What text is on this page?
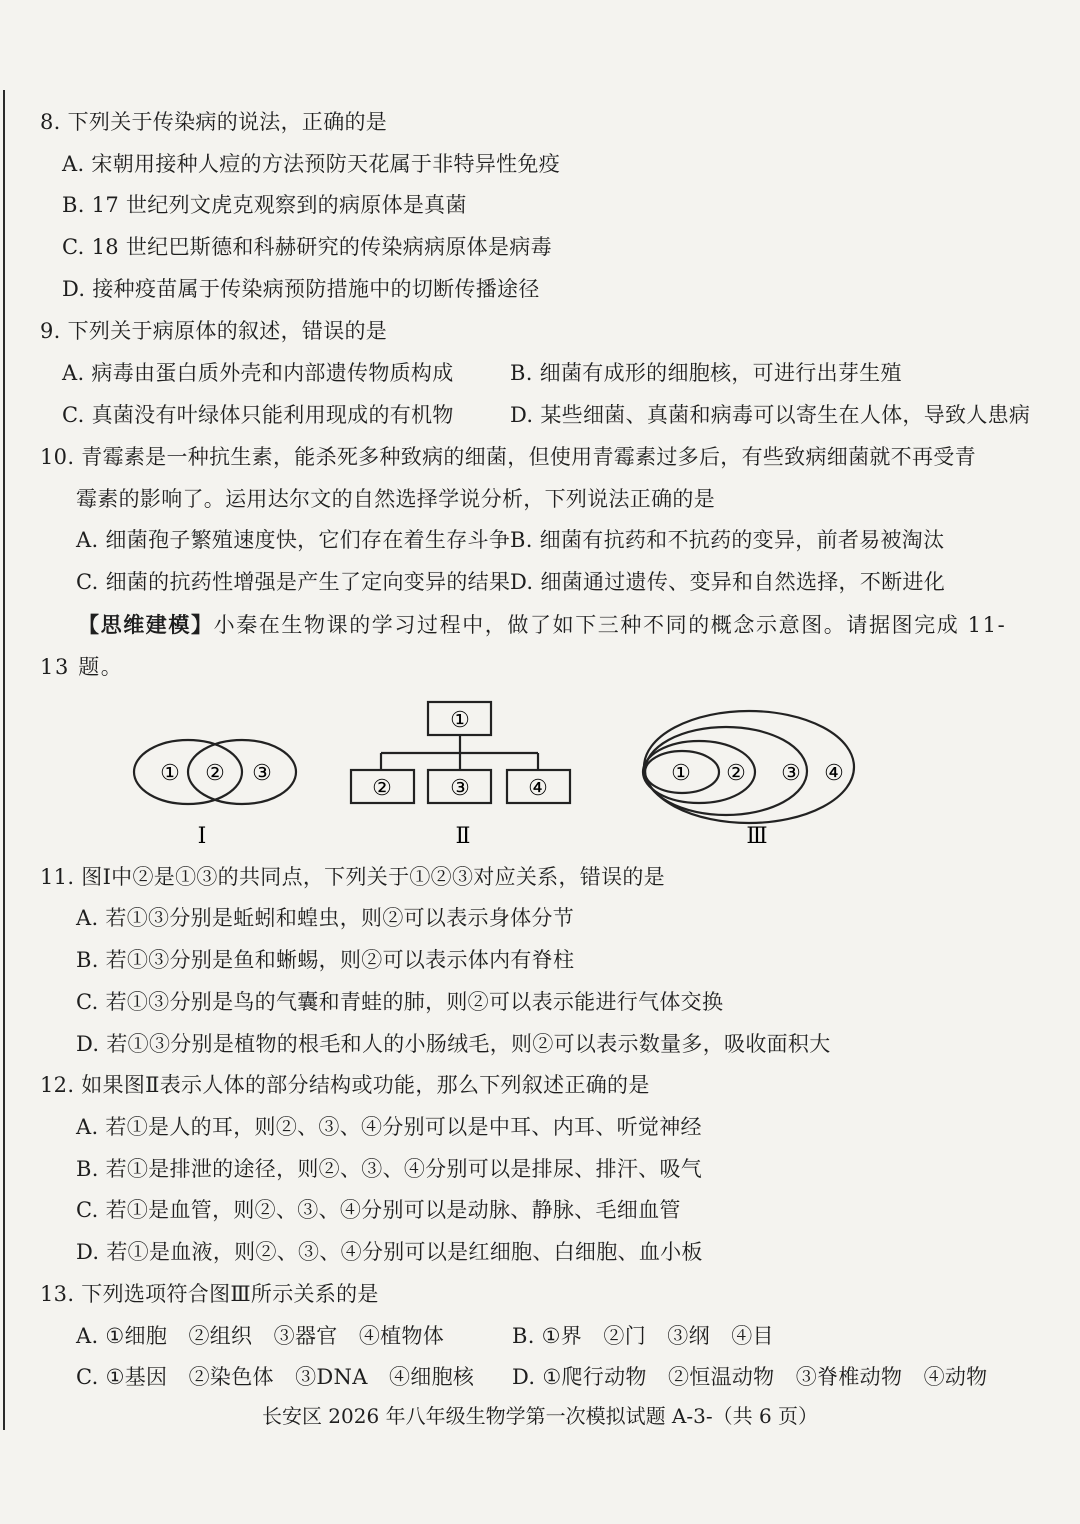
8. 下列关于传染病的说法，正确的是
A. 宋朝用接种人痘的方法预防天花属于非特异性免疫
B. 17 世纪列文虎克观察到的病原体是真菌
C. 18 世纪巴斯德和科赫研究的传染病病原体是病毒
D. 接种疫苗属于传染病预防措施中的切断传播途径
9. 下列关于病原体的叙述，错误的是
A. 病毒由蛋白质外壳和内部遗传物质构成	B. 细菌有成形的细胞核，可进行出芽生殖
C. 真菌没有叶绿体只能利用现成的有机物	D. 某些细菌、真菌和病毒可以寄生在人体，导致人患病
10. 青霉素是一种抗生素，能杀死多种致病的细菌，但使用青霉素过多后，有些致病细菌就不再受青
霉素的影响了。运用达尔文的自然选择学说分析，下列说法正确的是
A. 细菌孢子繁殖速度快，它们存在着生存斗争 B. 细菌有抗药和不抗药的变异，前者易被淘汰
C. 细菌的抗药性增强是产生了定向变异的结果 D. 细菌通过遗传、变异和自然选择，不断进化
【思维建模】小秦在生物课的学习过程中，做了如下三种不同的概念示意图。请据图完成 11-
13 题。
① ② ③
Ⅰ
①
②	③	④
Ⅱ
① ② ③ ④
Ⅲ
11. 图Ⅰ中②是①③的共同点，下列关于①②③对应关系，错误的是
A. 若①③分别是蚯蚓和蝗虫，则②可以表示身体分节
B. 若①③分别是鱼和蜥蜴，则②可以表示体内有脊柱
C. 若①③分别是鸟的气囊和青蛙的肺，则②可以表示能进行气体交换
D. 若①③分别是植物的根毛和人的小肠绒毛，则②可以表示数量多，吸收面积大
12. 如果图Ⅱ表示人体的部分结构或功能，那么下列叙述正确的是
A. 若①是人的耳，则②、③、④分别可以是中耳、内耳、听觉神经
B. 若①是排泄的途径，则②、③、④分别可以是排尿、排汗、吸气
C. 若①是血管，则②、③、④分别可以是动脉、静脉、毛细血管
D. 若①是血液，则②、③、④分别可以是红细胞、白细胞、血小板
13. 下列选项符合图Ⅲ所示关系的是
A. ①细胞　②组织　③器官　④植物体	B. ①界　②门　③纲　④目
C. ①基因　②染色体　③DNA　④细胞核 D. ①爬行动物　②恒温动物　③脊椎动物　④动物
长安区 2026 年八年级生物学第一次模拟试题 A-3-（共 6 页）
